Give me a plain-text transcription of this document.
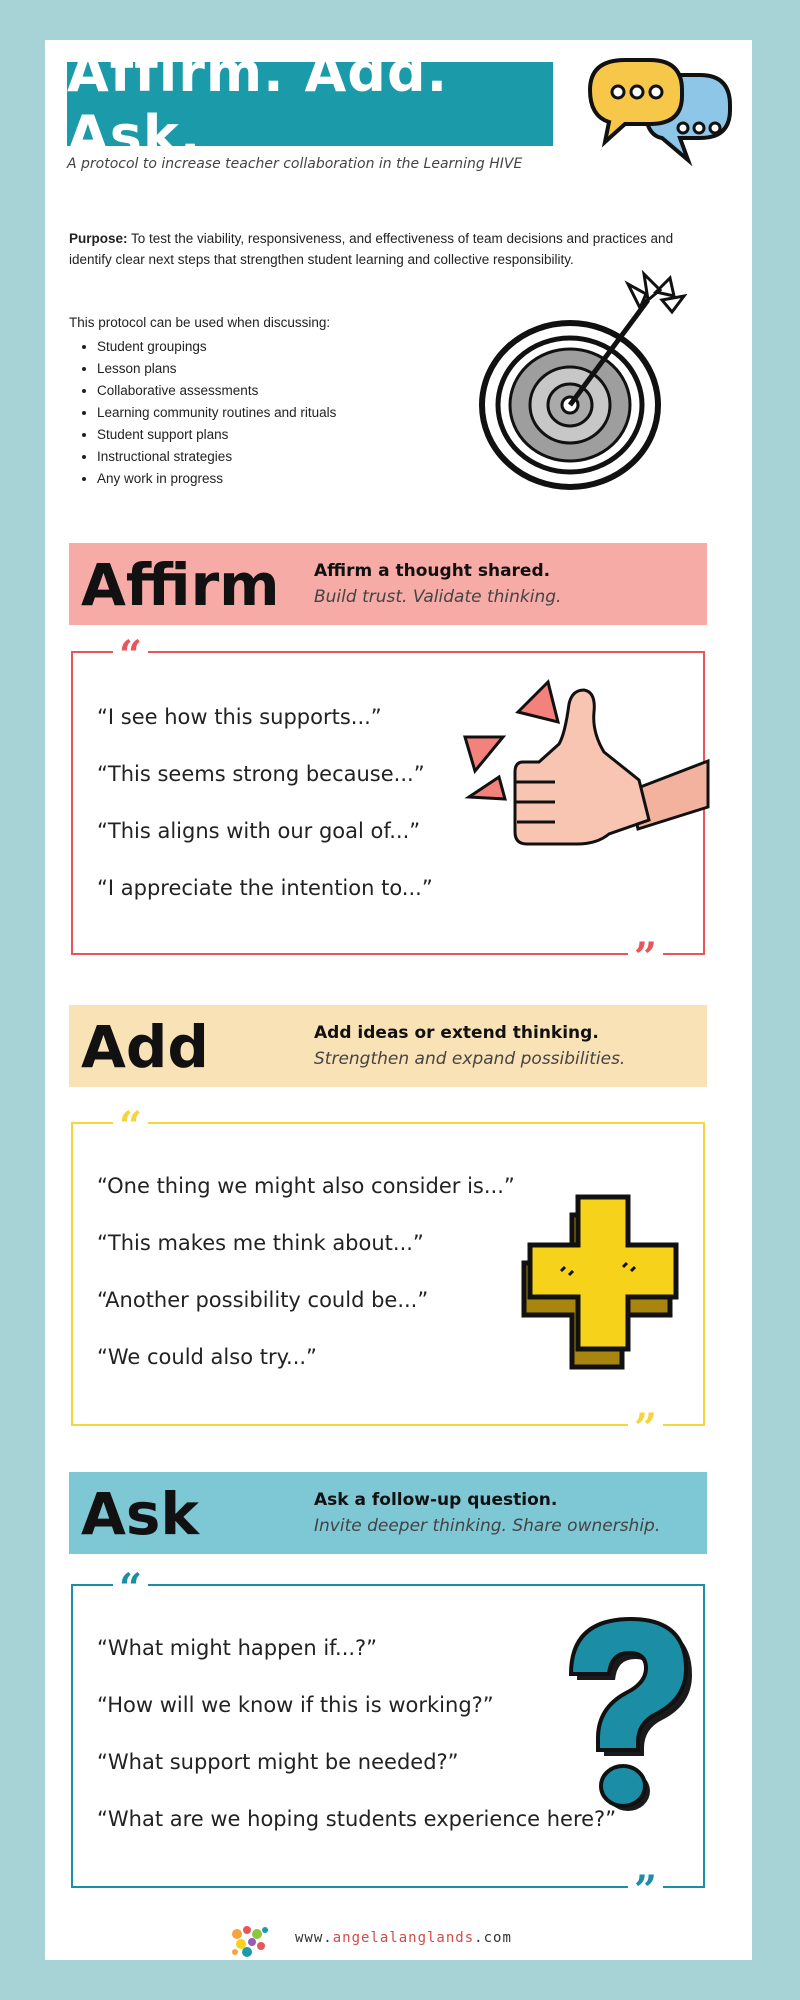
Affirm. Add. Ask.
A protocol to increase teacher collaboration in the Learning HIVE
Purpose: To test the viability, responsiveness, and effectiveness of team decisions and practices and identify clear next steps that strengthen student learning and collective responsibility.
This protocol can be used when discussing:
• Student groupings
• Lesson plans
• Collaborative assessments
• Learning community routines and rituals
• Student support plans
• Instructional strategies
• Any work in progress
Affirm Affirm a thought shared.
Build trust. Validate thinking.
“
”
“I see how this supports...”
“This seems strong because...”
“This aligns with our goal of...”
“I appreciate the intention to...”
Add	Add ideas or extend thinking.
Strengthen and expand possibilities.
“
”
“One thing we might also consider is...”
“This makes me think about...”
“Another possibility could be...”
“We could also try...”
Ask	Ask a follow-up question.
Invite deeper thinking. Share ownership.
“
”
“What might happen if...?”
“How will we know if this is working?”
“What support might be needed?”
“What are we hoping students experience here?”
www.angelalanglands.com
